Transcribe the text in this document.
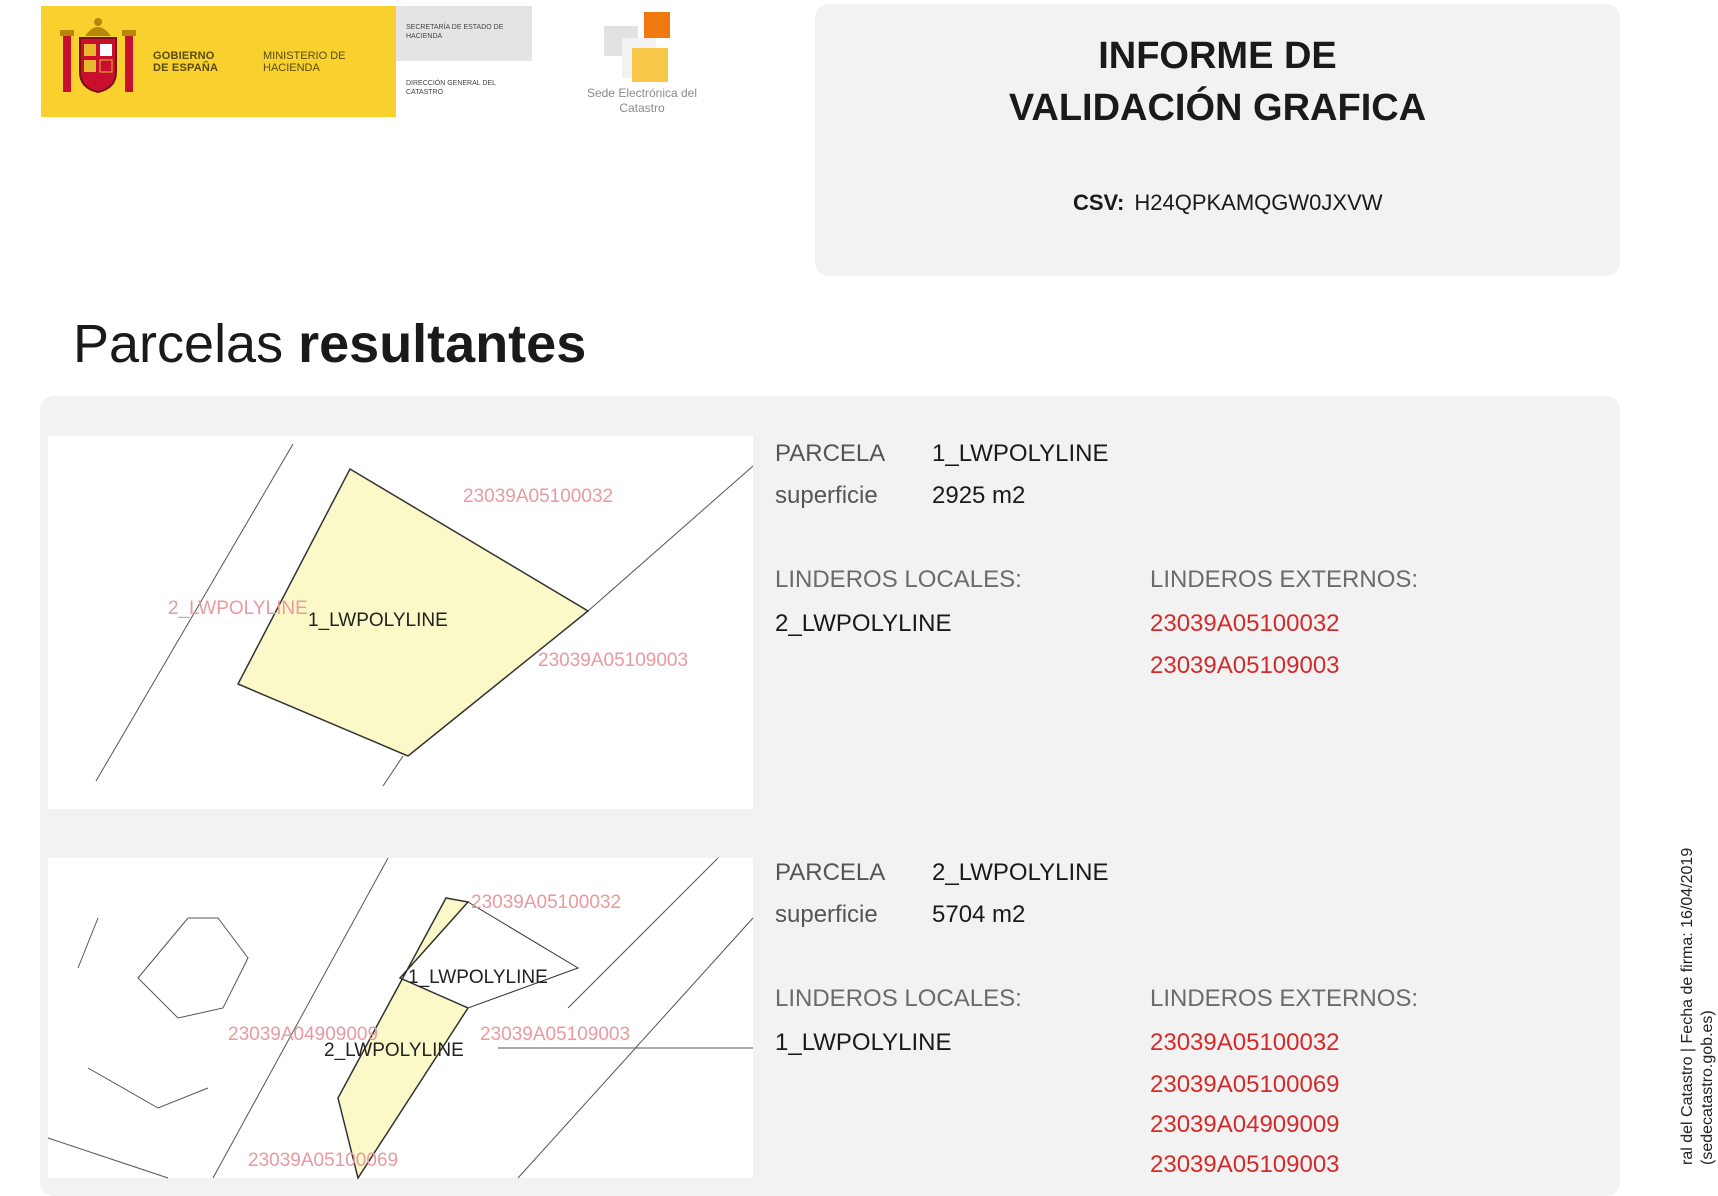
GOBIERNO DE ESPAÑA
MINISTERIO DE HACIENDA
SECRETARÍA DE ESTADO DE HACIENDA
DIRECCIÓN GENERAL DEL CATASTRO	Sede Electrónica del Catastro
INFORME DE
VALIDACIÓN GRAFICA
CSV: H24QPKAMQGW0JXVW
Parcelas resultantes
23039A05100032
2_LWPOLYLINE
1_LWPOLYLINE
23039A05109003
PARCELA 1_LWPOLYLINE
superficie 2925 m2
LINDEROS LOCALES:	LINDEROS EXTERNOS:
2_LWPOLYLINE	23039A05100032
23039A05109003
23039A05100032
1_LWPOLYLINE
23039A04909009
2_LWPOLYLINE
23039A05109003
23039A05100069
PARCELA 2_LWPOLYLINE
superficie 5704 m2
LINDEROS LOCALES:	LINDEROS EXTERNOS:
1_LWPOLYLINE	23039A05100032
23039A05100069
23039A04909009
23039A05109003	ral del Catastro | Fecha de firma: 16/04/2019 (sedecatastro.gob.es)
